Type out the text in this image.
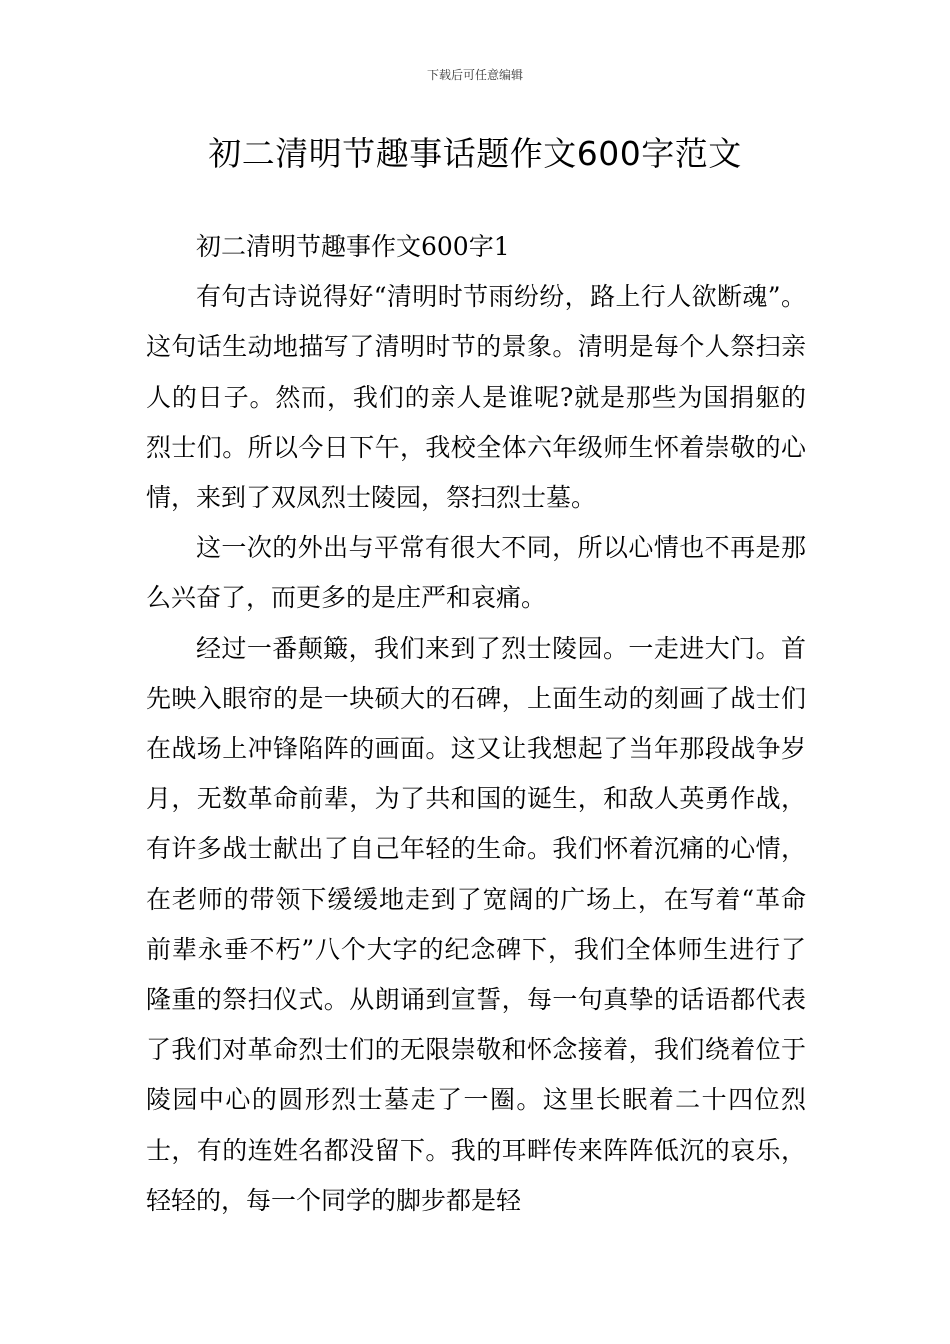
下载后可任意编辑
初二清明节趣事话题作文600字范文

初二清明节趣事作文600字1

有句古诗说得好“清明时节雨纷纷，路上行人欲断魂”。这句话生动地描写了清明时节的景象。清明是每个人祭扫亲人的日子。然而，我们的亲人是谁呢?就是那些为国捐躯的烈士们。所以今日下午，我校全体六年级师生怀着崇敬的心情，来到了双凤烈士陵园，祭扫烈士墓。

这一次的外出与平常有很大不同，所以心情也不再是那么兴奋了，而更多的是庄严和哀痛。

经过一番颠簸，我们来到了烈士陵园。一走进大门。首先映入眼帘的是一块硕大的石碑，上面生动的刻画了战士们在战场上冲锋陷阵的画面。这又让我想起了当年那段战争岁月，无数革命前辈，为了共和国的诞生，和敌人英勇作战，有许多战士献出了自己年轻的生命。我们怀着沉痛的心情，在老师的带领下缓缓地走到了宽阔的广场上，在写着“革命前辈永垂不朽”八个大字的纪念碑下，我们全体师生进行了隆重的祭扫仪式。从朗诵到宣誓，每一句真挚的话语都代表了我们对革命烈士们的无限崇敬和怀念接着，我们绕着位于陵园中心的圆形烈士墓走了一圈。这里长眠着二十四位烈士，有的连姓名都没留下。我的耳畔传来阵阵低沉的哀乐，轻轻的，每一个同学的脚步都是轻
